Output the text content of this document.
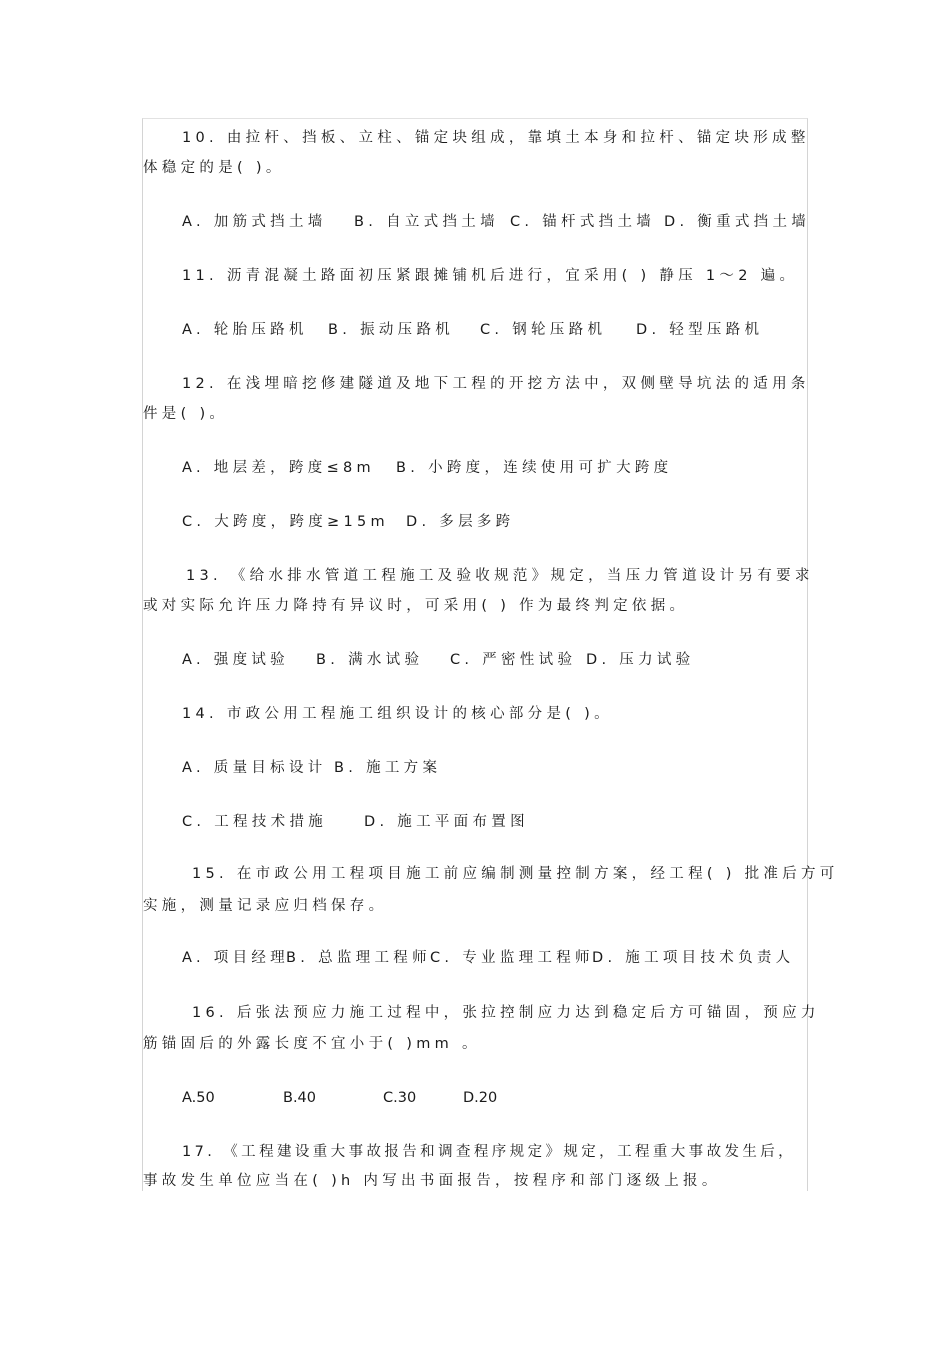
10. 由拉杆、挡板、立柱、锚定块组成，靠填土本身和拉杆、锚定块形成整
体稳定的是( )。
A. 加筋式挡土墙 B. 自立式挡土墙 C. 锚杆式挡土墙 D. 衡重式挡土墙
11. 沥青混凝土路面初压紧跟摊铺机后进行，宜采用( ) 静压 1～2 遍。
A. 轮胎压路机 B. 振动压路机 C. 钢轮压路机 D. 轻型压路机
12. 在浅埋暗挖修建隧道及地下工程的开挖方法中，双侧壁导坑法的适用条
件是( )。
A. 地层差，跨度≤8m B. 小跨度，连续使用可扩大跨度
C. 大跨度，跨度≥15m D. 多层多跨
13. 《给水排水管道工程施工及验收规范》规定，当压力管道设计另有要求
或对实际允许压力降持有异议时，可采用( ) 作为最终判定依据。
A. 强度试验 B. 满水试验 C. 严密性试验 D. 压力试验
14. 市政公用工程施工组织设计的核心部分是( )。
A. 质量目标设计 B. 施工方案
C. 工程技术措施	D. 施工平面布置图
15. 在市政公用工程项目施工前应编制测量控制方案，经工程( ) 批准后方可
实施，测量记录应归档保存。
A. 项目经理
B. 总监理工程师 C. 专业监理工程师
D. 施工项目技术负责人
16. 后张法预应力施工过程中，张拉控制应力达到稳定后方可锚固，预应力
筋锚固后的外露长度不宜小于( )mm 。
A.50	B.40	C.30	D.20
17. 《工程建设重大事故报告和调查程序规定》规定，工程重大事故发生后，
事故发生单位应当在( )h 内写出书面报告，按程序和部门逐级上报。
